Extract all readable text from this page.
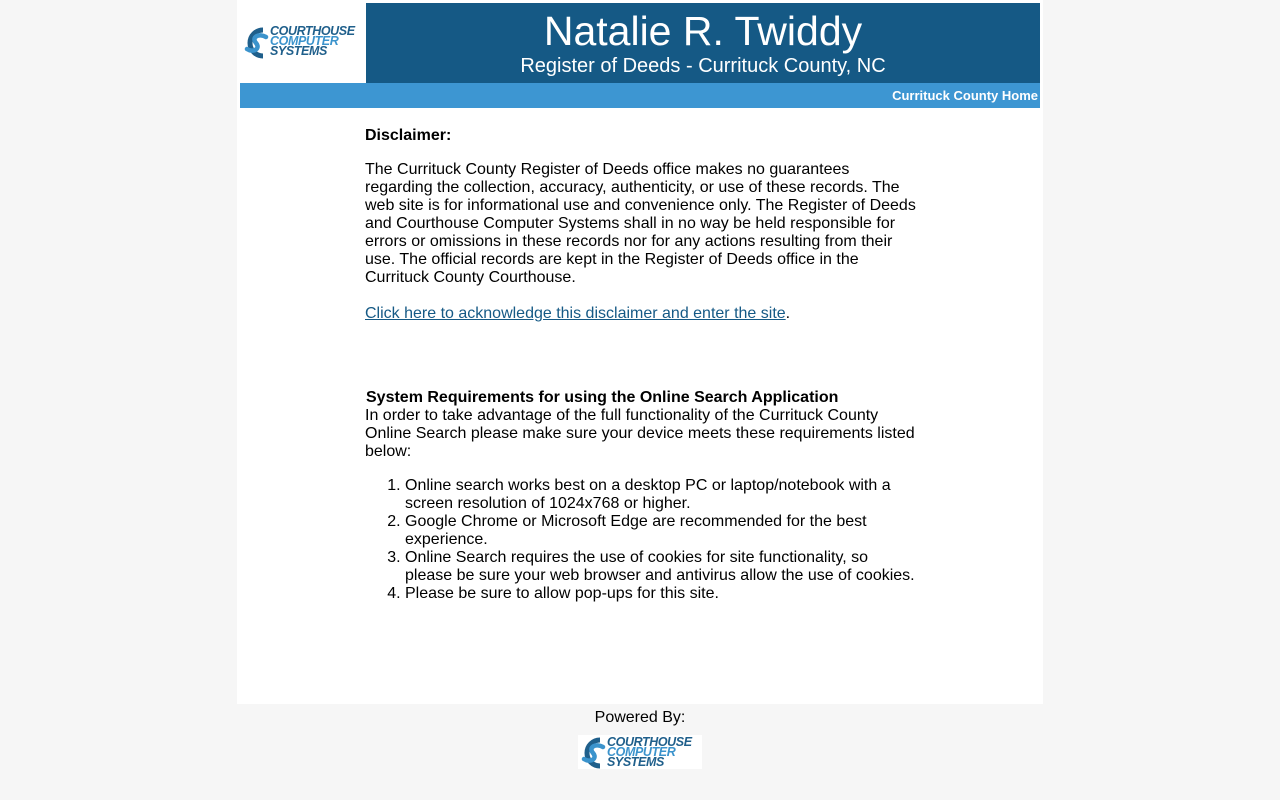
COURTHOUSE
COMPUTER
SYSTEMS	Natalie R. Twiddy
Register of Deeds - Currituck County, NC
Currituck County Home
Disclaimer:

The Currituck County Register of Deeds office makes no guarantees regarding the collection, accuracy, authenticity, or use of these records. The web site is for informational use and convenience only. The Register of Deeds and Courthouse Computer Systems shall in no way be held responsible for errors or omissions in these records nor for any actions resulting from their use. The official records are kept in the Register of Deeds office in the Currituck County Courthouse.

Click here to acknowledge this disclaimer and enter the site.

System Requirements for using the Online Search Application

In order to take advantage of the full functionality of the Currituck County Online Search please make sure your device meets these requirements listed below:

1. Online search works best on a desktop PC or laptop/notebook with a screen resolution of 1024x768 or higher.
2. Google Chrome or Microsoft Edge are recommended for the best experience.
3. Online Search requires the use of cookies for site functionality, so please be sure your web browser and antivirus allow the use of cookies.
4. Please be sure to allow pop-ups for this site.
Powered By:
COURTHOUSE
COMPUTER
SYSTEMS
